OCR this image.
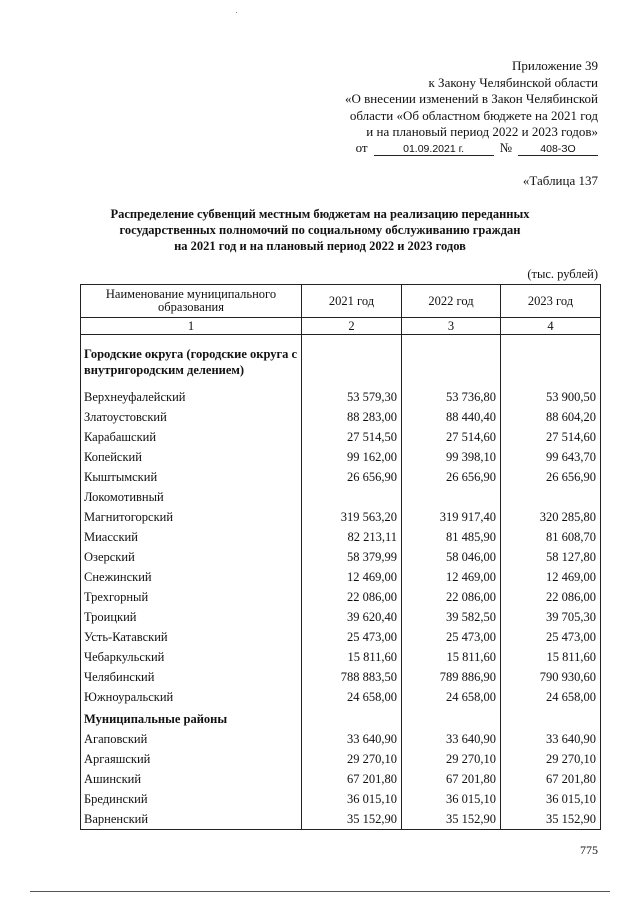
Приложение 39
к Закону Челябинской области
«О внесении изменений в Закон Челябинской
области «Об областном бюджете на 2021 год
и на плановый период 2022 и 2023 годов»
от	01.09.2021 г.	№	408-ЗО
«Таблица 137
Распределение субвенций местным бюджетам на реализацию переданных
государственных полномочий по социальному обслуживанию граждан
на 2021 год и на плановый период 2022 и 2023 годов
(тыс. рублей)
Наименование муниципального образования	2021 год	2022 год	2023 год
1	2	3	4
Городские округа (городские округа с внутригородским делением)			
Верхнеуфалейский	53 579,30	53 736,80	53 900,50
Златоустовский	88 283,00	88 440,40	88 604,20
Карабашский	27 514,50	27 514,60	27 514,60
Копейский	99 162,00	99 398,10	99 643,70
Кыштымский	26 656,90	26 656,90	26 656,90
Локомотивный			
Магнитогорский	319 563,20	319 917,40	320 285,80
Миасский	82 213,11	81 485,90	81 608,70
Озерский	58 379,99	58 046,00	58 127,80
Снежинский	12 469,00	12 469,00	12 469,00
Трехгорный	22 086,00	22 086,00	22 086,00
Троицкий	39 620,40	39 582,50	39 705,30
Усть-Катавский	25 473,00	25 473,00	25 473,00
Чебаркульский	15 811,60	15 811,60	15 811,60
Челябинский	788 883,50	789 886,90	790 930,60
Южноуральский	24 658,00	24 658,00	24 658,00
Муниципальные районы			
Агаповский	33 640,90	33 640,90	33 640,90
Аргаяшский	29 270,10	29 270,10	29 270,10
Ашинский	67 201,80	67 201,80	67 201,80
Брединский	36 015,10	36 015,10	36 015,10
Варненский	35 152,90	35 152,90	35 152,90
775
